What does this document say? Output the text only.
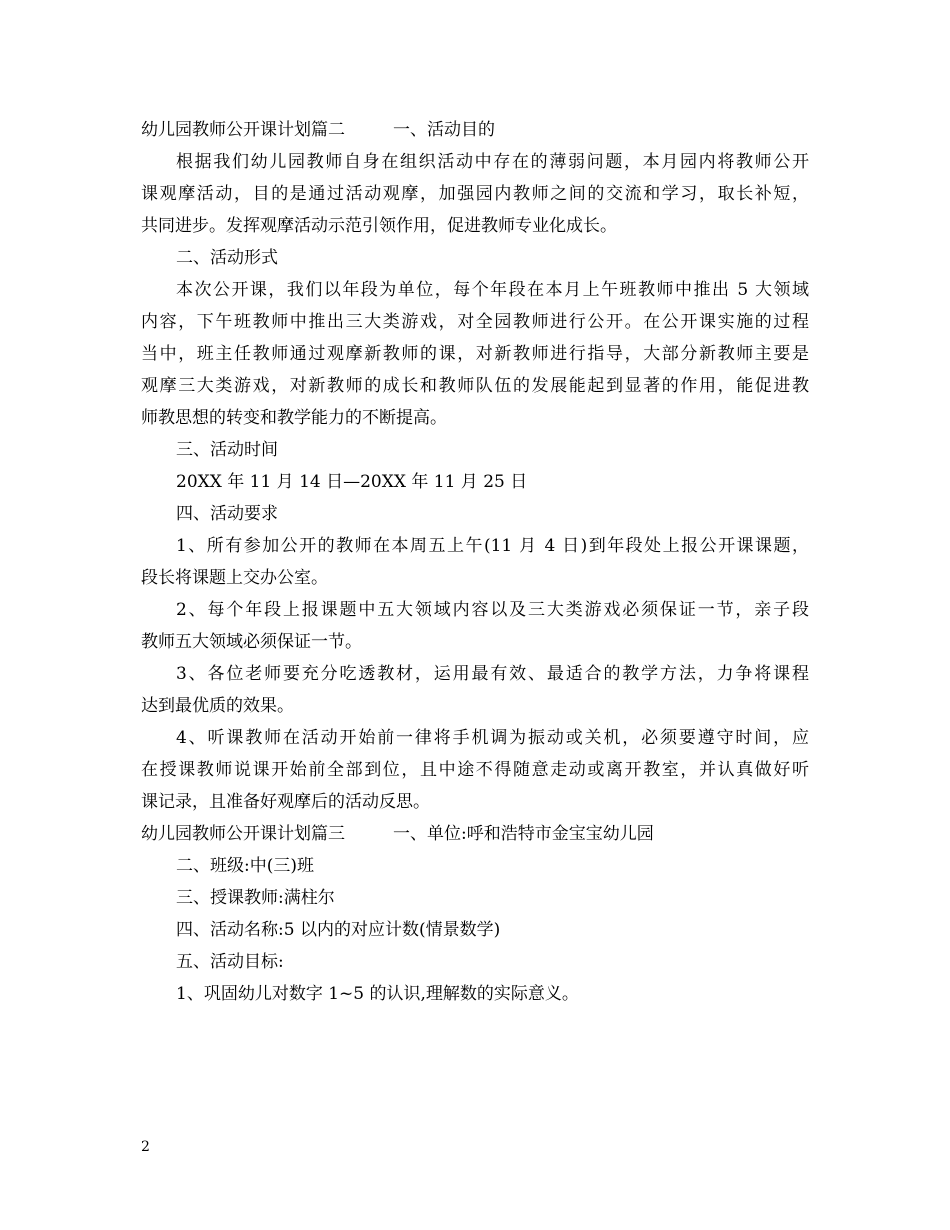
幼儿园教师公开课计划篇二	一、活动目的
根据我们幼儿园教师自身在组织活动中存在的薄弱问题，本月园内将教师公开
课观摩活动，目的是通过活动观摩，加强园内教师之间的交流和学习，取长补短，
共同进步。发挥观摩活动示范引领作用，促进教师专业化成长。
二、活动形式
本次公开课，我们以年段为单位，每个年段在本月上午班教师中推出 5 大领域
内容，下午班教师中推出三大类游戏，对全园教师进行公开。在公开课实施的过程
当中，班主任教师通过观摩新教师的课，对新教师进行指导，大部分新教师主要是
观摩三大类游戏，对新教师的成长和教师队伍的发展能起到显著的作用，能促进教
师教思想的转变和教学能力的不断提高。
三、活动时间
20XX 年 11 月 14 日—20XX 年 11 月 25 日
四、活动要求
1、所有参加公开的教师在本周五上午(11 月 4 日)到年段处上报公开课课题，
段长将课题上交办公室。
2、每个年段上报课题中五大领域内容以及三大类游戏必须保证一节，亲子段
教师五大领域必须保证一节。
3、各位老师要充分吃透教材，运用最有效、最适合的教学方法，力争将课程
达到最优质的效果。
4、听课教师在活动开始前一律将手机调为振动或关机，必须要遵守时间，应
在授课教师说课开始前全部到位，且中途不得随意走动或离开教室，并认真做好听
课记录，且准备好观摩后的活动反思。
幼儿园教师公开课计划篇三	一、单位:呼和浩特市金宝宝幼儿园
二、班级:中(三)班
三、授课教师:满柱尔
四、活动名称:5 以内的对应计数(情景数学)
五、活动目标:
1、巩固幼儿对数字 1~5 的认识,理解数的实际意义。
2
